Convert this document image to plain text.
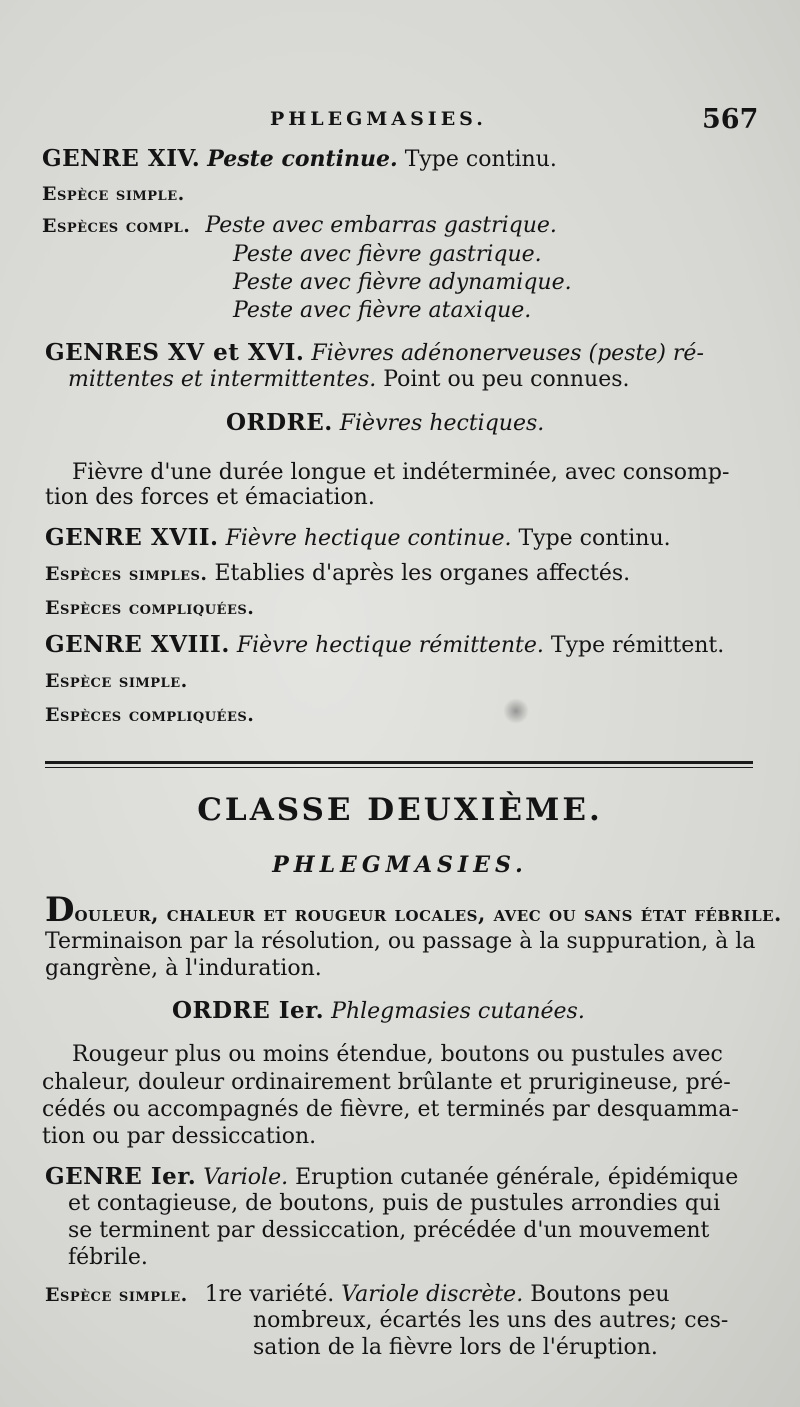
PHLEGMASIES.	567
GENRE XIV. Peste continue. Type continu.
Espèce simple.
Espèces compl. Peste avec embarras gastrique.
Peste avec fièvre gastrique.
Peste avec fièvre adynamique.
Peste avec fièvre ataxique.
GENRES XV et XVI. Fièvres adénonerveuses (peste) ré-
mittentes et intermittentes. Point ou peu connues.
ORDRE. Fièvres hectiques.
Fièvre d'une durée longue et indéterminée, avec consomp-
tion des forces et émaciation.
GENRE XVII. Fièvre hectique continue. Type continu.
Espèces simples. Etablies d'après les organes affectés.
Espèces compliquées.
GENRE XVIII. Fièvre hectique rémittente. Type rémittent.
Espèce simple.
Espèces compliquées.
CLASSE DEUXIÈME.
PHLEGMASIES.
Douleur, chaleur et rougeur locales, avec ou sans état fébrile.
Terminaison par la résolution, ou passage à la suppuration, à la
gangrène, à l'induration.
ORDRE Ier. Phlegmasies cutanées.
Rougeur plus ou moins étendue, boutons ou pustules avec
chaleur, douleur ordinairement brûlante et prurigineuse, pré-
cédés ou accompagnés de fièvre, et terminés par desquamma-
tion ou par dessiccation.
GENRE Ier. Variole. Eruption cutanée générale, épidémique
et contagieuse, de boutons, puis de pustules arrondies qui
se terminent par dessiccation, précédée d'un mouvement
fébrile.
Espèce simple. 1re variété. Variole discrète. Boutons peu
nombreux, écartés les uns des autres; ces-
sation de la fièvre lors de l'éruption.
